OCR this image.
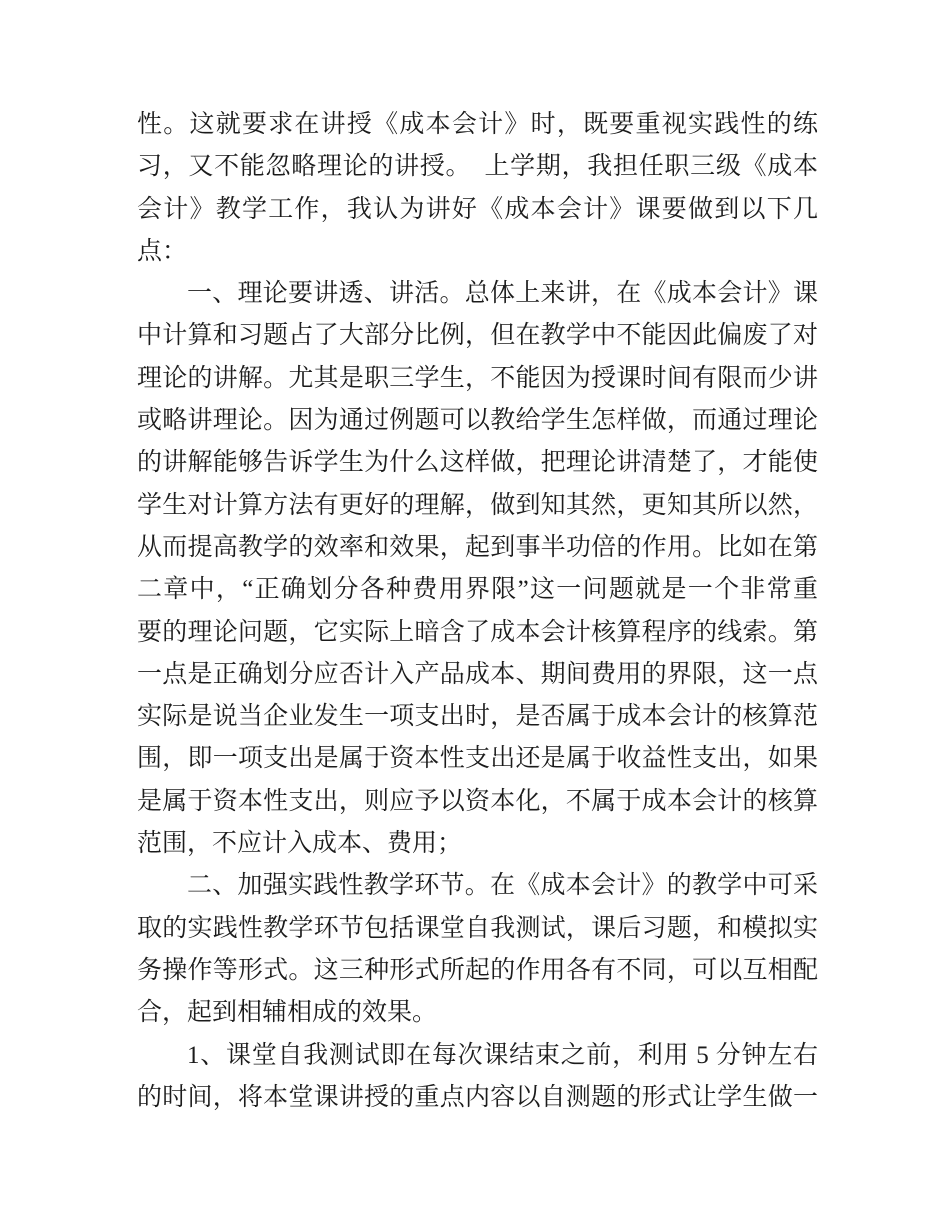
性。这就要求在讲授《成本会计》时，既要重视实践性的练
习，又不能忽略理论的讲授。　上学期，我担任职三级《成本
会计》教学工作，我认为讲好《成本会计》课要做到以下几
点：
一、理论要讲透、讲活。总体上来讲，在《成本会计》课
中计算和习题占了大部分比例，但在教学中不能因此偏废了对
理论的讲解。尤其是职三学生，不能因为授课时间有限而少讲
或略讲理论。因为通过例题可以教给学生怎样做，而通过理论
的讲解能够告诉学生为什么这样做，把理论讲清楚了，才能使
学生对计算方法有更好的理解，做到知其然，更知其所以然，
从而提高教学的效率和效果，起到事半功倍的作用。比如在第
二章中，“正确划分各种费用界限”这一问题就是一个非常重
要的理论问题，它实际上暗含了成本会计核算程序的线索。第
一点是正确划分应否计入产品成本、期间费用的界限，这一点
实际是说当企业发生一项支出时，是否属于成本会计的核算范
围，即一项支出是属于资本性支出还是属于收益性支出，如果
是属于资本性支出，则应予以资本化，不属于成本会计的核算
范围，不应计入成本、费用；
二、加强实践性教学环节。在《成本会计》的教学中可采
取的实践性教学环节包括课堂自我测试，课后习题，和模拟实
务操作等形式。这三种形式所起的作用各有不同，可以互相配
合，起到相辅相成的效果。
1、课堂自我测试即在每次课结束之前，利用 5 分钟左右
的时间，将本堂课讲授的重点内容以自测题的形式让学生做一
